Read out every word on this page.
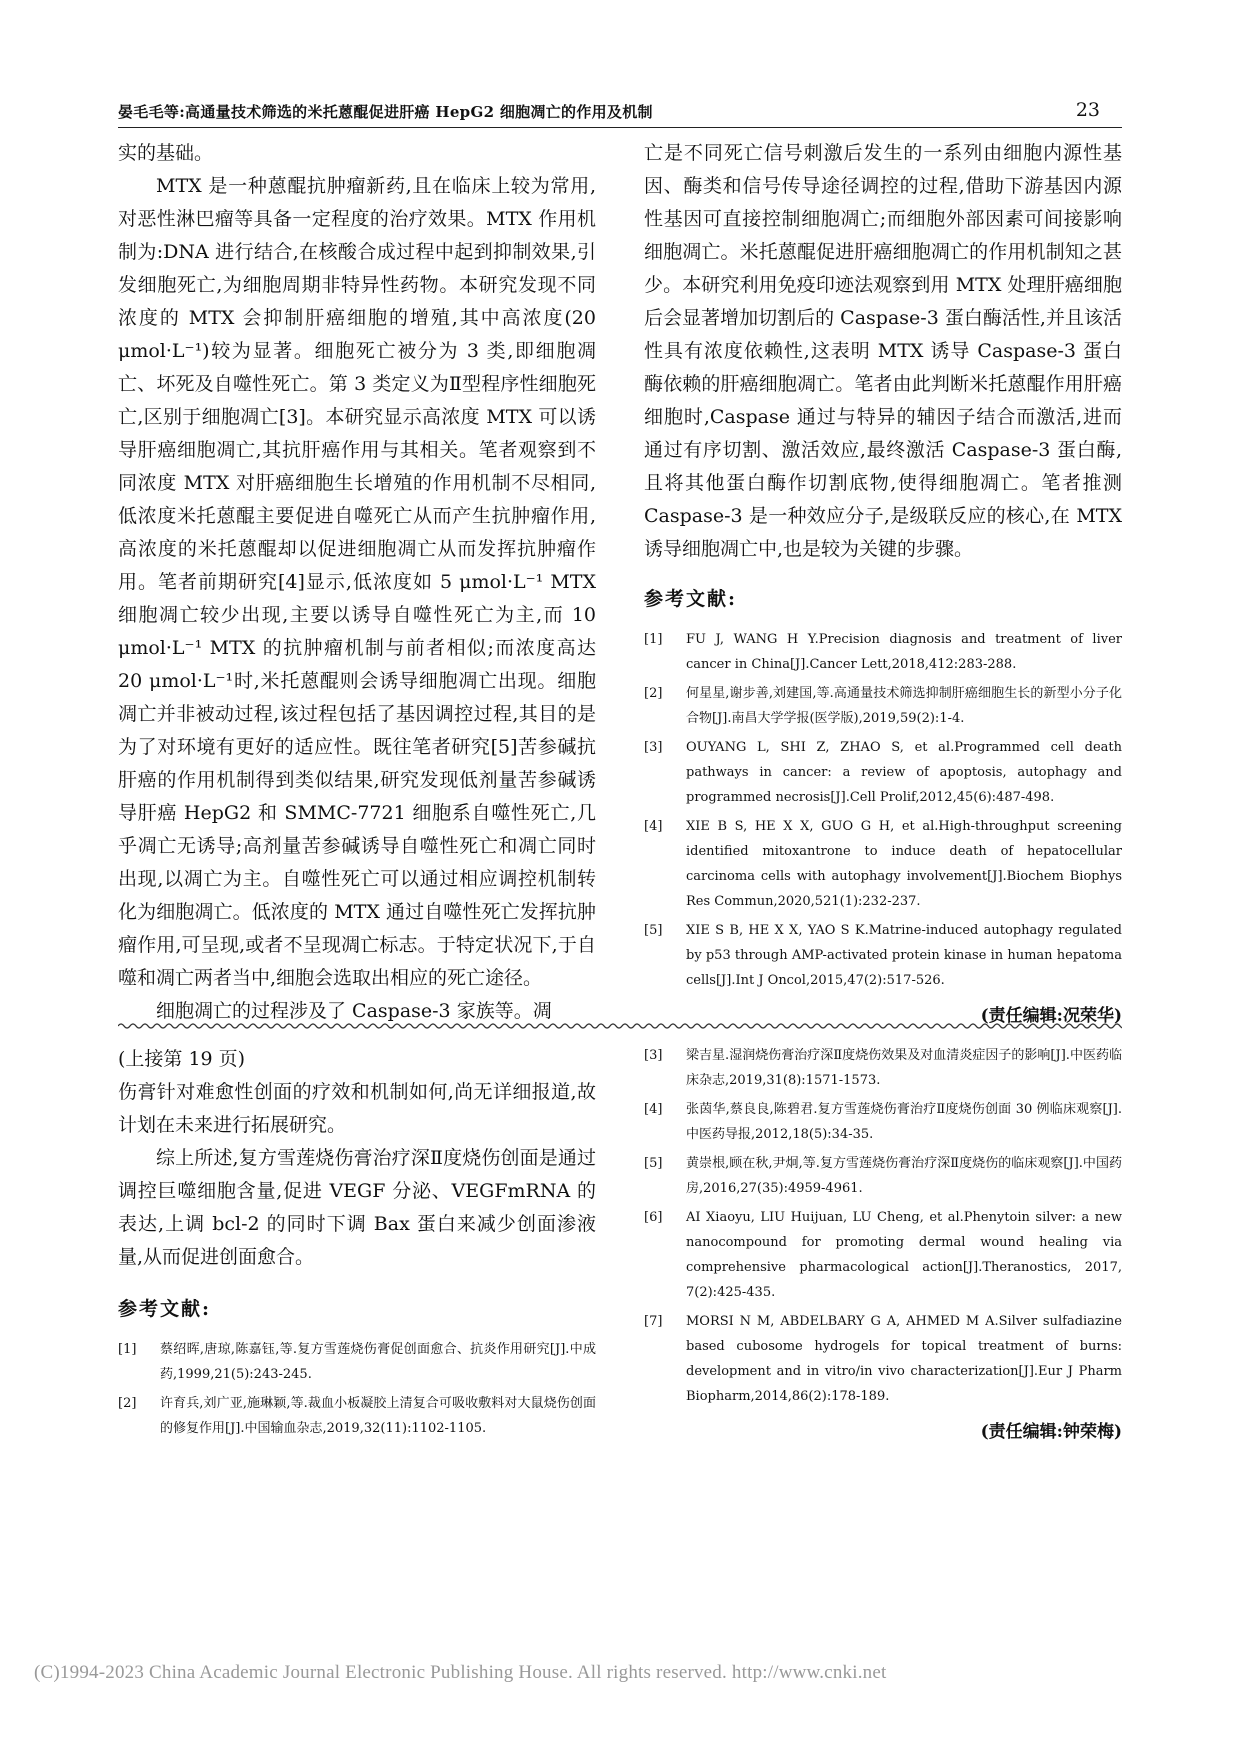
晏毛毛等:高通量技术筛选的米托蒽醌促进肝癌 HepG2 细胞凋亡的作用及机制	23

实的基础。

MTX 是一种蒽醌抗肿瘤新药,且在临床上较为常用,对恶性淋巴瘤等具备一定程度的治疗效果。MTX 作用机制为:DNA 进行结合,在核酸合成过程中起到抑制效果,引发细胞死亡,为细胞周期非特异性药物。本研究发现不同浓度的 MTX 会抑制肝癌细胞的增殖,其中高浓度(20 μmol·L⁻¹)较为显著。细胞死亡被分为 3 类,即细胞凋亡、坏死及自噬性死亡。第 3 类定义为Ⅱ型程序性细胞死亡,区别于细胞凋亡[3]。本研究显示高浓度 MTX 可以诱导肝癌细胞凋亡,其抗肝癌作用与其相关。笔者观察到不同浓度 MTX 对肝癌细胞生长增殖的作用机制不尽相同,低浓度米托蒽醌主要促进自噬死亡从而产生抗肿瘤作用,高浓度的米托蒽醌却以促进细胞凋亡从而发挥抗肿瘤作用。笔者前期研究[4]显示,低浓度如 5 μmol·L⁻¹ MTX 细胞凋亡较少出现,主要以诱导自噬性死亡为主,而 10 μmol·L⁻¹ MTX 的抗肿瘤机制与前者相似;而浓度高达 20 μmol·L⁻¹时,米托蒽醌则会诱导细胞凋亡出现。细胞凋亡并非被动过程,该过程包括了基因调控过程,其目的是为了对环境有更好的适应性。既往笔者研究[5]苦参碱抗肝癌的作用机制得到类似结果,研究发现低剂量苦参碱诱导肝癌 HepG2 和 SMMC-7721 细胞系自噬性死亡,几乎凋亡无诱导;高剂量苦参碱诱导自噬性死亡和凋亡同时出现,以凋亡为主。自噬性死亡可以通过相应调控机制转化为细胞凋亡。低浓度的 MTX 通过自噬性死亡发挥抗肿瘤作用,可呈现,或者不呈现凋亡标志。于特定状况下,于自噬和凋亡两者当中,细胞会选取出相应的死亡途径。

细胞凋亡的过程涉及了 Caspase-3 家族等。凋

亡是不同死亡信号刺激后发生的一系列由细胞内源性基因、酶类和信号传导途径调控的过程,借助下游基因内源性基因可直接控制细胞凋亡;而细胞外部因素可间接影响细胞凋亡。米托蒽醌促进肝癌细胞凋亡的作用机制知之甚少。本研究利用免疫印迹法观察到用 MTX 处理肝癌细胞后会显著增加切割后的 Caspase-3 蛋白酶活性,并且该活性具有浓度依赖性,这表明 MTX 诱导 Caspase-3 蛋白酶依赖的肝癌细胞凋亡。笔者由此判断米托蒽醌作用肝癌细胞时,Caspase 通过与特异的辅因子结合而激活,进而通过有序切割、激活效应,最终激活 Caspase-3 蛋白酶,且将其他蛋白酶作切割底物,使得细胞凋亡。笔者推测 Caspase-3 是一种效应分子,是级联反应的核心,在 MTX 诱导细胞凋亡中,也是较为关键的步骤。

参考文献:
[1]	FU J, WANG H Y.Precision diagnosis and treatment of liver cancer in China[J].Cancer Lett,2018,412:283-288.
[2]	何星星,谢步善,刘建国,等.高通量技术筛选抑制肝癌细胞生长的新型小分子化合物[J].南昌大学学报(医学版),2019,59(2):1-4.
[3]	OUYANG L, SHI Z, ZHAO S, et al.Programmed cell death pathways in cancer: a review of apoptosis, autophagy and programmed necrosis[J].Cell Prolif,2012,45(6):487-498.
[4]	XIE B S, HE X X, GUO G H, et al.High-throughput screening identified mitoxantrone to induce death of hepatocellular carcinoma cells with autophagy involvement[J].Biochem Biophys Res Commun,2020,521(1):232-237.
[5]	XIE S B, HE X X, YAO S K.Matrine-induced autophagy regulated by p53 through AMP-activated protein kinase in human hepatoma cells[J].Int J Oncol,2015,47(2):517-526.
(责任编辑:况荣华)

(上接第 19 页)

伤膏针对难愈性创面的疗效和机制如何,尚无详细报道,故计划在未来进行拓展研究。

综上所述,复方雪莲烧伤膏治疗深Ⅱ度烧伤创面是通过调控巨噬细胞含量,促进 VEGF 分泌、VEGFmRNA 的表达,上调 bcl-2 的同时下调 Bax 蛋白来减少创面渗液量,从而促进创面愈合。

参考文献:
[1]	蔡绍晖,唐琼,陈嘉钰,等.复方雪莲烧伤膏促创面愈合、抗炎作用研究[J].中成药,1999,21(5):243-245.
[2]	许育兵,刘广亚,施琳颖,等.裁血小板凝胶上清复合可吸收敷料对大鼠烧伤创面的修复作用[J].中国输血杂志,2019,32(11):1102-1105.
[3]	梁吉星.湿润烧伤膏治疗深Ⅱ度烧伤效果及对血清炎症因子的影响[J].中医药临床杂志,2019,31(8):1571-1573.
[4]	张茵华,蔡良良,陈碧君.复方雪莲烧伤膏治疗Ⅱ度烧伤创面 30 例临床观察[J].中医药导报,2012,18(5):34-35.
[5]	黄崇根,顾在秋,尹炯,等.复方雪莲烧伤膏治疗深Ⅱ度烧伤的临床观察[J].中国药房,2016,27(35):4959-4961.
[6]	AI Xiaoyu, LIU Huijuan, LU Cheng, et al.Phenytoin silver: a new nanocompound for promoting dermal wound healing via comprehensive pharmacological action[J].Theranostics, 2017, 7(2):425-435.
[7]	MORSI N M, ABDELBARY G A, AHMED M A.Silver sulfadiazine based cubosome hydrogels for topical treatment of burns: development and in vitro/in vivo characterization[J].Eur J Pharm Biopharm,2014,86(2):178-189.
(责任编辑:钟荣梅)
(C)1994-2023 China Academic Journal Electronic Publishing House. All rights reserved. http://www.cnki.net
